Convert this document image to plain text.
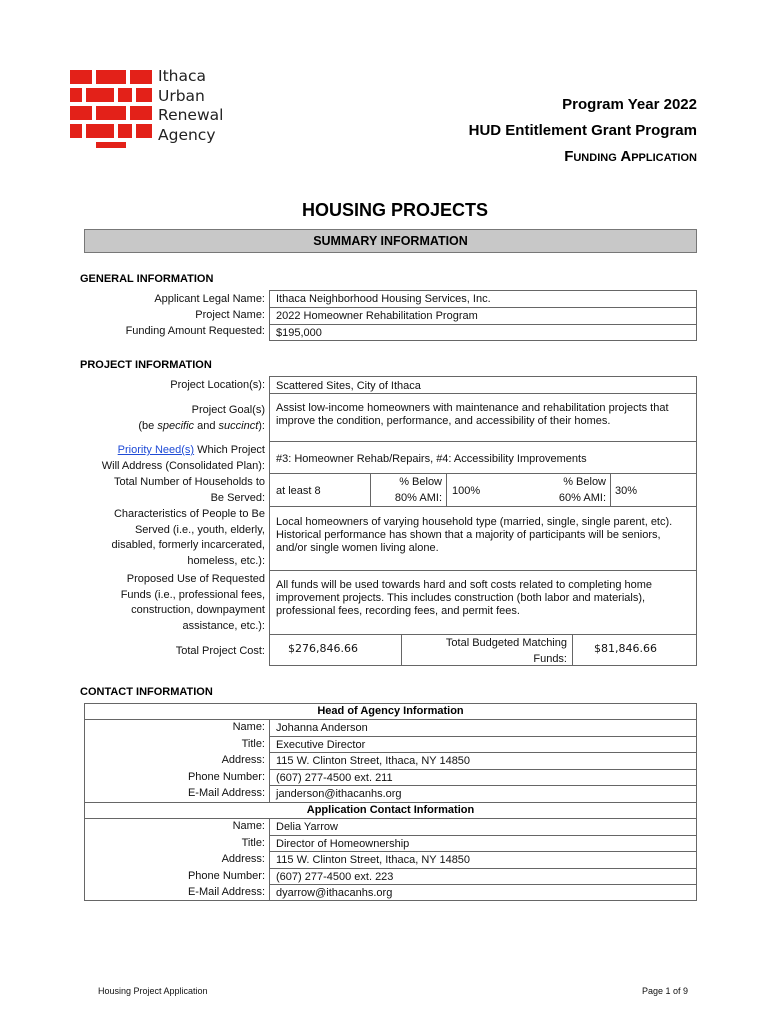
Ithaca
Urban
Renewal
Agency
Program Year 2022
HUD Entitlement Grant Program
Funding Application
HOUSING PROJECTS
SUMMARY INFORMATION
GENERAL INFORMATION
Applicant Legal Name: Ithaca Neighborhood Housing Services, Inc.
Project Name: 2022 Homeowner Rehabilitation Program
Funding Amount Requested: $195,000
PROJECT INFORMATION
Project Location(s): Scattered Sites, City of Ithaca
Project Goal(s)
(be specific and succinct):
Assist low-income homeowners with maintenance and rehabilitation projects that improve the condition, performance, and accessibility of their homes.
Priority Need(s) Which Project
Will Address (Consolidated Plan):
#3: Homeowner Rehab/Repairs, #4: Accessibility Improvements
Total Number of Households to
Be Served:
at least 8
% Below
80% AMI:
100%
% Below
60% AMI:
30%
Characteristics of People to Be
Served (i.e., youth, elderly,
disabled, formerly incarcerated,
homeless, etc.):
Local homeowners of varying household type (married, single, single parent, etc). Historical performance has shown that a majority of participants will be seniors, and/or single women living alone.
Proposed Use of Requested
Funds (i.e., professional fees,
construction, downpayment
assistance, etc.):
All funds will be used towards hard and soft costs related to completing home improvement projects. This includes construction (both labor and materials), professional fees, recording fees, and permit fees.
Total Project Cost: $276,846.66	Total Budgeted Matching
Funds:
$81,846.66
CONTACT INFORMATION
Head of Agency Information
Name: Johanna Anderson
Title: Executive Director
Address: 115 W. Clinton Street, Ithaca, NY 14850
Phone Number: (607) 277-4500 ext. 211
E-Mail Address: janderson@ithacanhs.org
Application Contact Information
Name: Delia Yarrow
Title: Director of Homeownership
Address: 115 W. Clinton Street, Ithaca, NY 14850
Phone Number: (607) 277-4500 ext. 223
E-Mail Address: dyarrow@ithacanhs.org
Housing Project Application	Page 1 of 9
